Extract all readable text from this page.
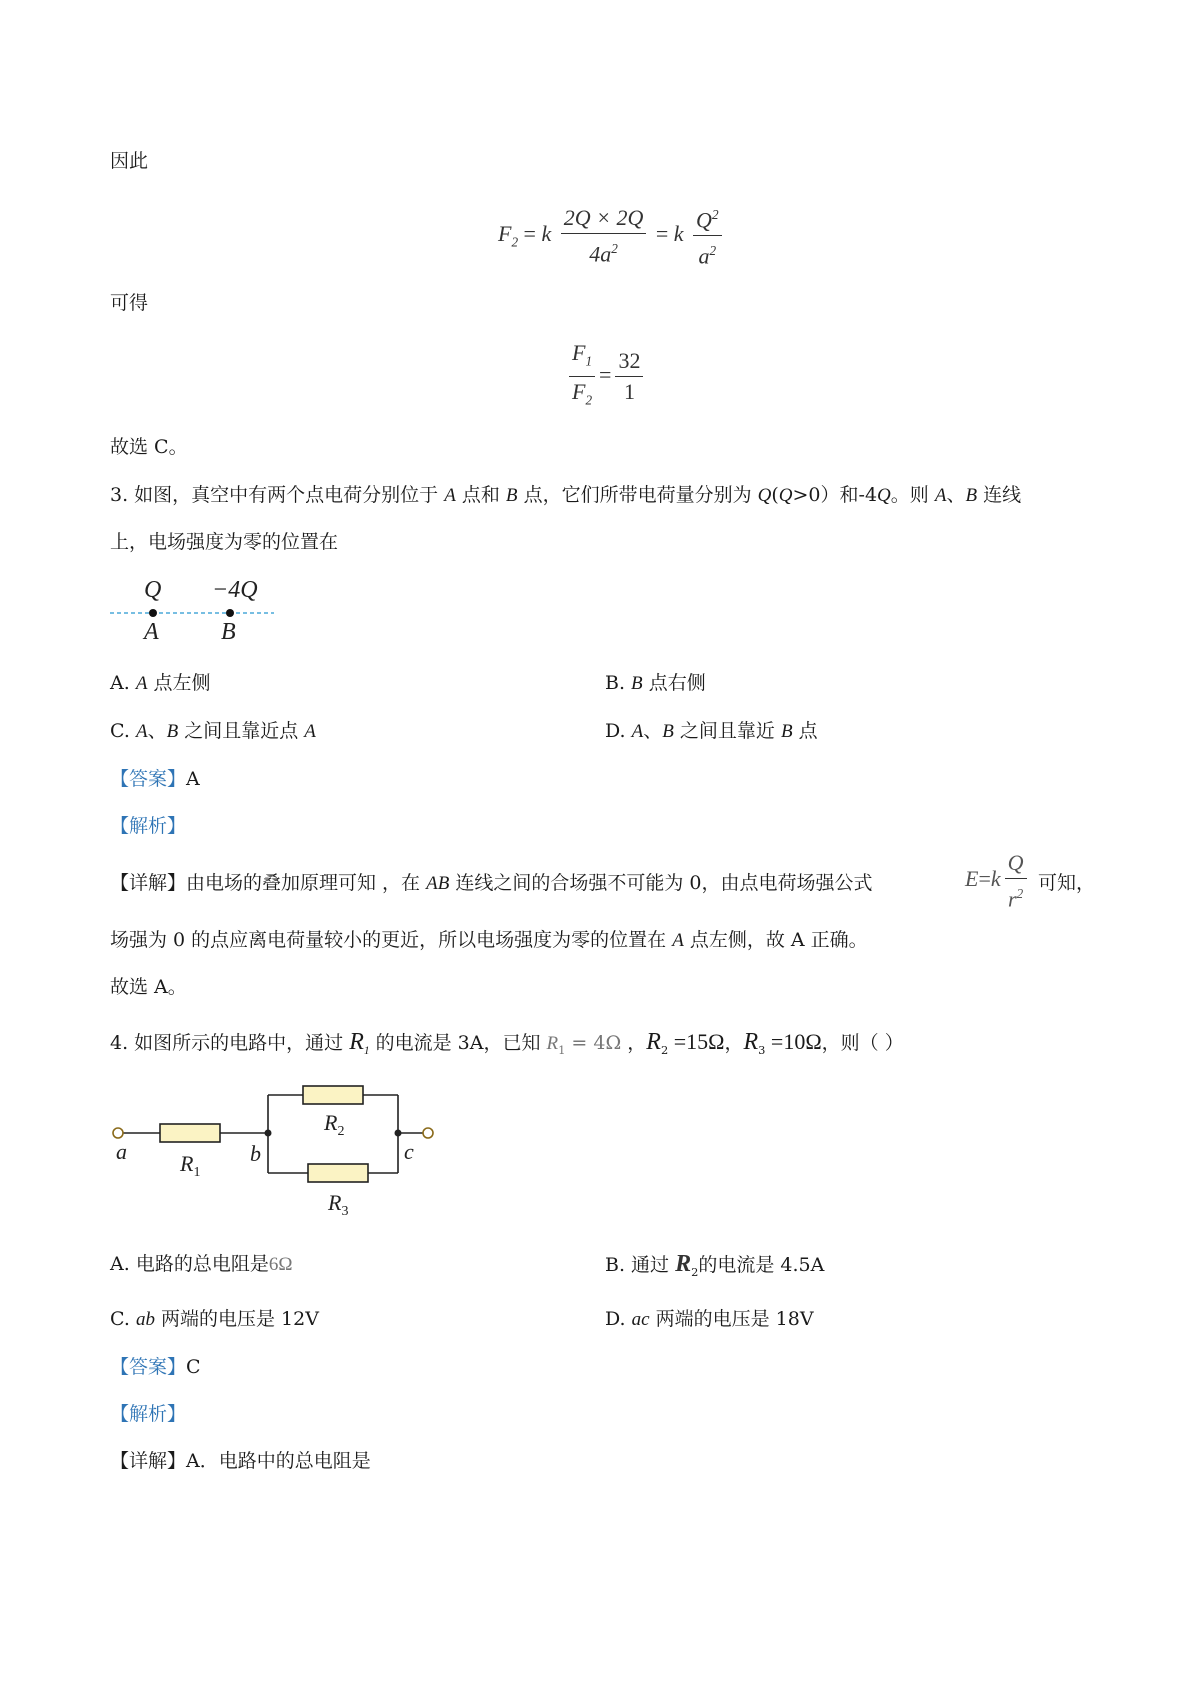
因此
$F_2 = k \frac{2Q \times 2Q}{4a^2} = k \frac{Q^2}{a^2}$
可得
$\frac{F_1}{F_2} = \frac{32}{1}$
故选 C。
3. 如图，真空中有两个点电荷分别位于 A 点和 B 点，它们所带电荷量分别为 Q(Q>0）和-4Q。则 A、B 连线
上，电场强度为零的位置在
Q −4Q
A	B
A. A 点左侧	B. B 点右侧
C. A、B 之间且靠近点 A	D. A、B 之间且靠近 B 点
【答案】A
【解析】
【详解】由电场的叠加原理可知 ，在 AB 连线之间的合场强不可能为 0，由点电荷场强公式	$E=k \frac{Q}{r^2}$ 可知，
场强为 0 的点应离电荷量较小的更近，所以电场强度为零的位置在 A 点左侧，故 A 正确。
故选 A。
4. 如图所示的电路中，通过 $R_1$ 的电流是 3A，已知 $R_1 = 4\Omega$ ，$R_2 =15\Omega$，$R_3 =10\Omega$，则（ ）
a	b	c
$R_1$
$R_2$
$R_3$
A. 电路的总电阻是6Ω	B. 通过 $R_2$的电流是 4.5A
C. ab 两端的电压是 12V	D. ac 两端的电压是 18V
【答案】C
【解析】
【详解】A．电路中的总电阻是
